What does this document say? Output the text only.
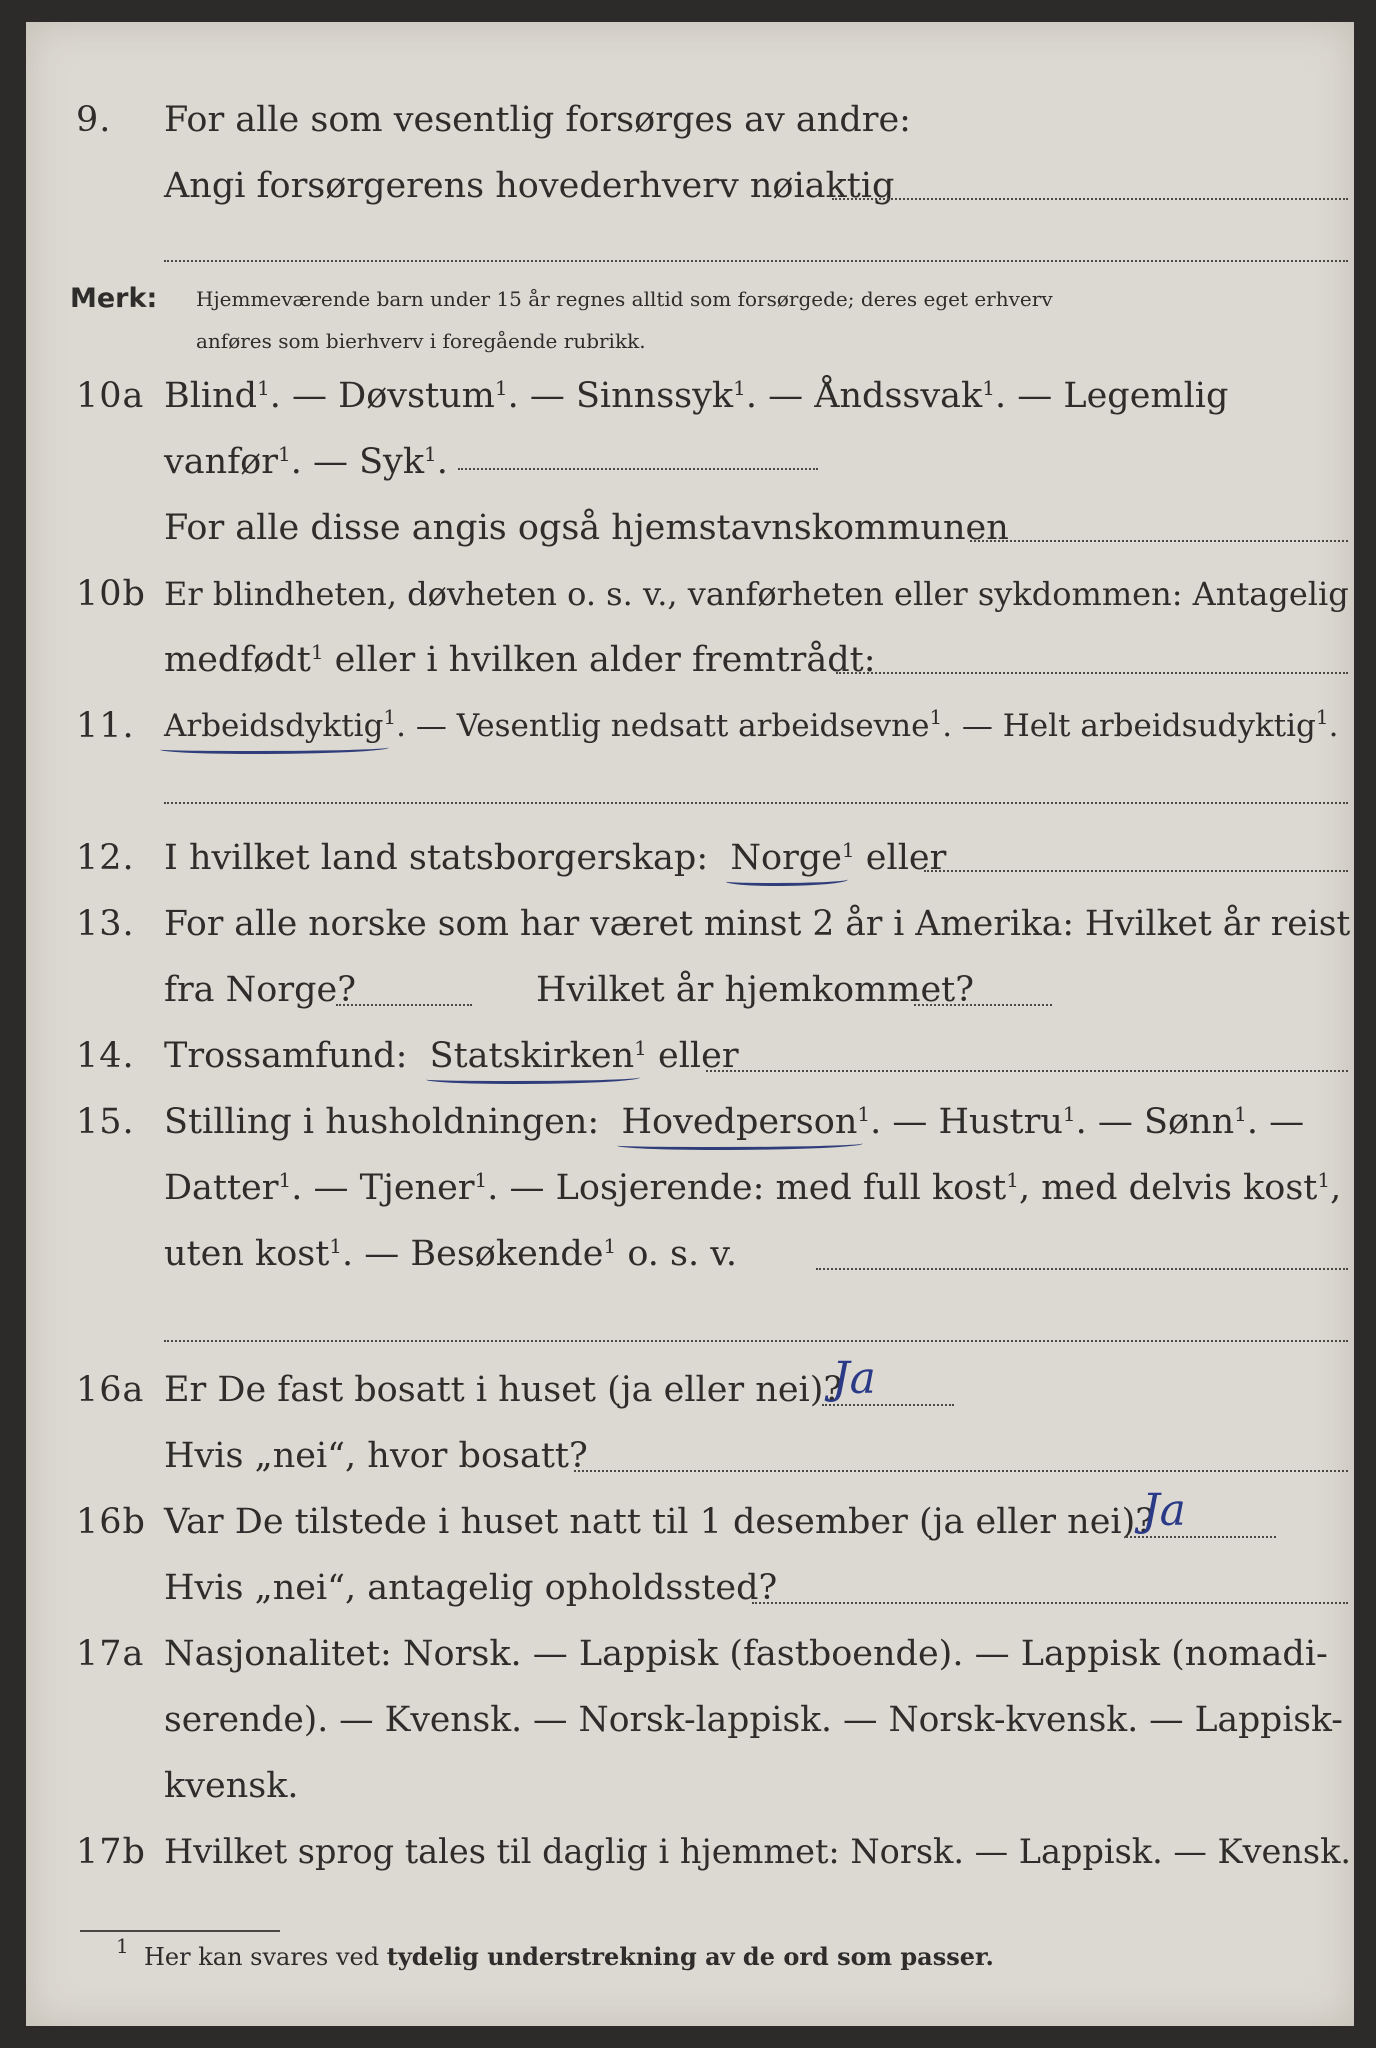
9. For alle som vesentlig forsørges av andre:
Angi forsørgerens hovederhverv nøiaktig
Merk: Hjemmeværende barn under 15 år regnes alltid som forsørgede; deres eget erhverv
anføres som bierhverv i foregående rubrikk.
10a Blind$^1$. — Døvstum$^1$. — Sinnssyk$^1$. — Åndssvak$^1$. — Legemlig
vanfør$^1$. — Syk$^1$.
For alle disse angis også hjemstavnskommunen
10b Er blindheten, døvheten o. s. v., vanførheten eller sykdommen: Antagelig
medfødt$^1$ eller i hvilken alder fremtrådt:
11. Arbeidsdyktig
$^1$. — Vesentlig nedsatt arbeidsevne$^1$. — Helt arbeidsudyktig$^1$.
12. I hvilket land statsborgerskap: Norge
$^1$ eller
13. For alle norske som har været minst 2 år i Amerika: Hvilket år reist
fra Norge?	Hvilket år hjemkommet?
14. Trossamfund: Statskirken
$^1$ eller
15. Stilling i husholdningen: Hovedperson
$^1$. — Hustru$^1$. — Sønn$^1$. —
Datter$^1$. — Tjener$^1$. — Losjerende: med full kost$^1$, med delvis kost$^1$,
uten kost$^1$. — Besøkende$^1$ o. s. v.
16a Er De fast bosatt i huset (ja eller nei)?
Ja
Hvis „nei“, hvor bosatt?
16b Var De tilstede i huset natt til 1 desember (ja eller nei)?
Ja
Hvis „nei“, antagelig opholdssted?
17a Nasjonalitet: Norsk. — Lappisk (fastboende). — Lappisk (nomadi-
serende). — Kvensk. — Norsk-lappisk. — Norsk-kvensk. — Lappisk-
kvensk.
17b Hvilket sprog tales til daglig i hjemmet: Norsk. — Lappisk. — Kvensk.
$^1$ Her kan svares ved tydelig understrekning av de ord som passer.
